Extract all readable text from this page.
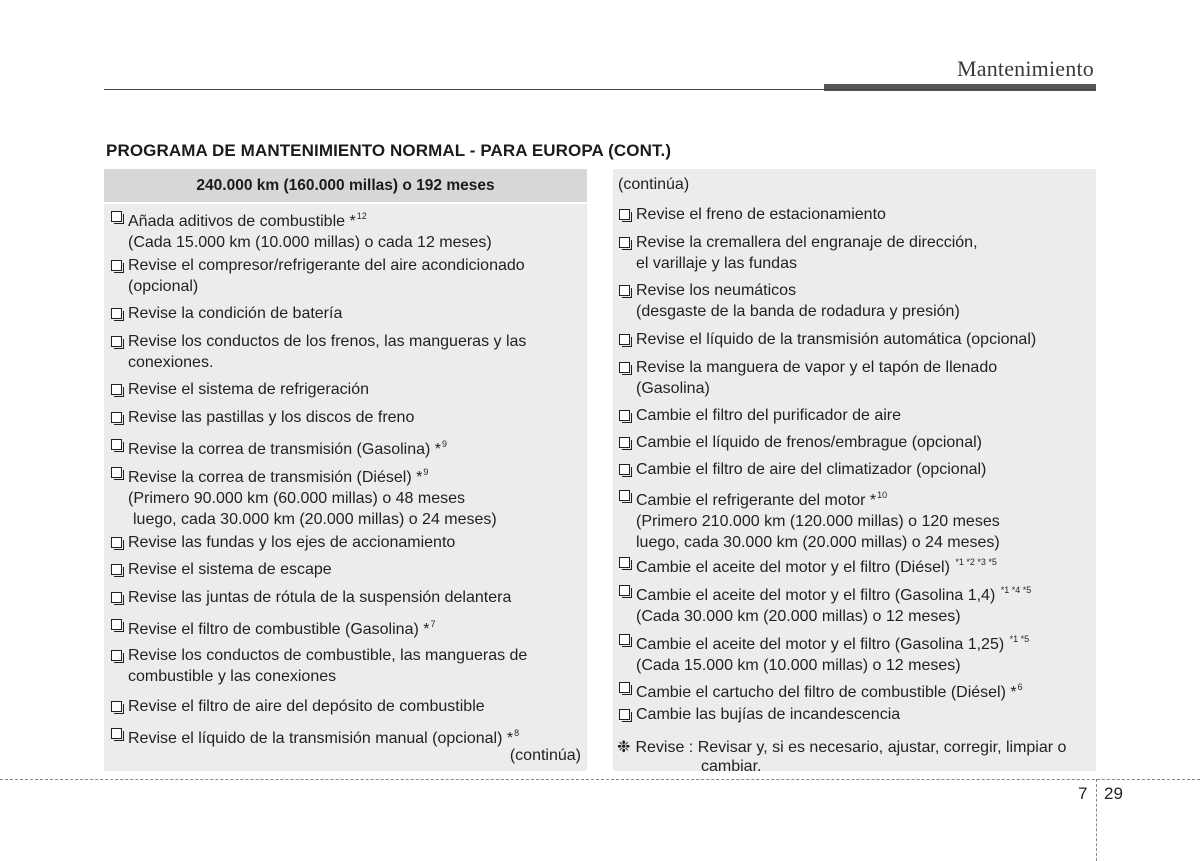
Mantenimiento
PROGRAMA DE MANTENIMIENTO NORMAL - PARA EUROPA (CONT.)
240.000 km (160.000 millas) o 192 meses
Añada aditivos de combustible *$^{12}$
(Cada 15.000 km (10.000 millas) o cada 12 meses)
Revise el compresor/refrigerante del aire acondicionado
(opcional)
Revise la condición de batería
Revise los conductos de los frenos, las mangueras y las
conexiones.
Revise el sistema de refrigeración
Revise las pastillas y los discos de freno
Revise la correa de transmisión (Gasolina) *$^9$
Revise la correa de transmisión (Diésel) *$^9$
(Primero 90.000 km (60.000 millas) o 48 meses
luego, cada 30.000 km (20.000 millas) o 24 meses)
Revise las fundas y los ejes de accionamiento
Revise el sistema de escape
Revise las juntas de rótula de la suspensión delantera
Revise el filtro de combustible (Gasolina) *$^7$
Revise los conductos de combustible, las mangueras de
combustible y las conexiones
Revise el filtro de aire del depósito de combustible
Revise el líquido de la transmisión manual (opcional) *$^8$
(continúa)
(continúa)
Revise el freno de estacionamiento
Revise la cremallera del engranaje de dirección,
el varillaje y las fundas
Revise los neumáticos
(desgaste de la banda de rodadura y presión)
Revise el líquido de la transmisión automática (opcional)
Revise la manguera de vapor y el tapón de llenado
(Gasolina)
Cambie el filtro del purificador de aire
Cambie el líquido de frenos/embrague (opcional)
Cambie el filtro de aire del climatizador (opcional)
Cambie el refrigerante del motor *$^{10}$
(Primero 210.000 km (120.000 millas) o 120 meses
luego, cada 30.000 km (20.000 millas) o 24 meses)
Cambie el aceite del motor y el filtro (Diésel) $^{*1 *2 *3 *5}$
Cambie el aceite del motor y el filtro (Gasolina 1,4) $^{*1 *4 *5}$
(Cada 30.000 km (20.000 millas) o 12 meses)
Cambie el aceite del motor y el filtro (Gasolina 1,25) $^{*1 *5}$
(Cada 15.000 km (10.000 millas) o 12 meses)
Cambie el cartucho del filtro de combustible (Diésel) *$^6$
Cambie las bujías de incandescencia
❉ Revise : Revisar y, si es necesario, ajustar, corregir, limpiar o
cambiar.
7 29
